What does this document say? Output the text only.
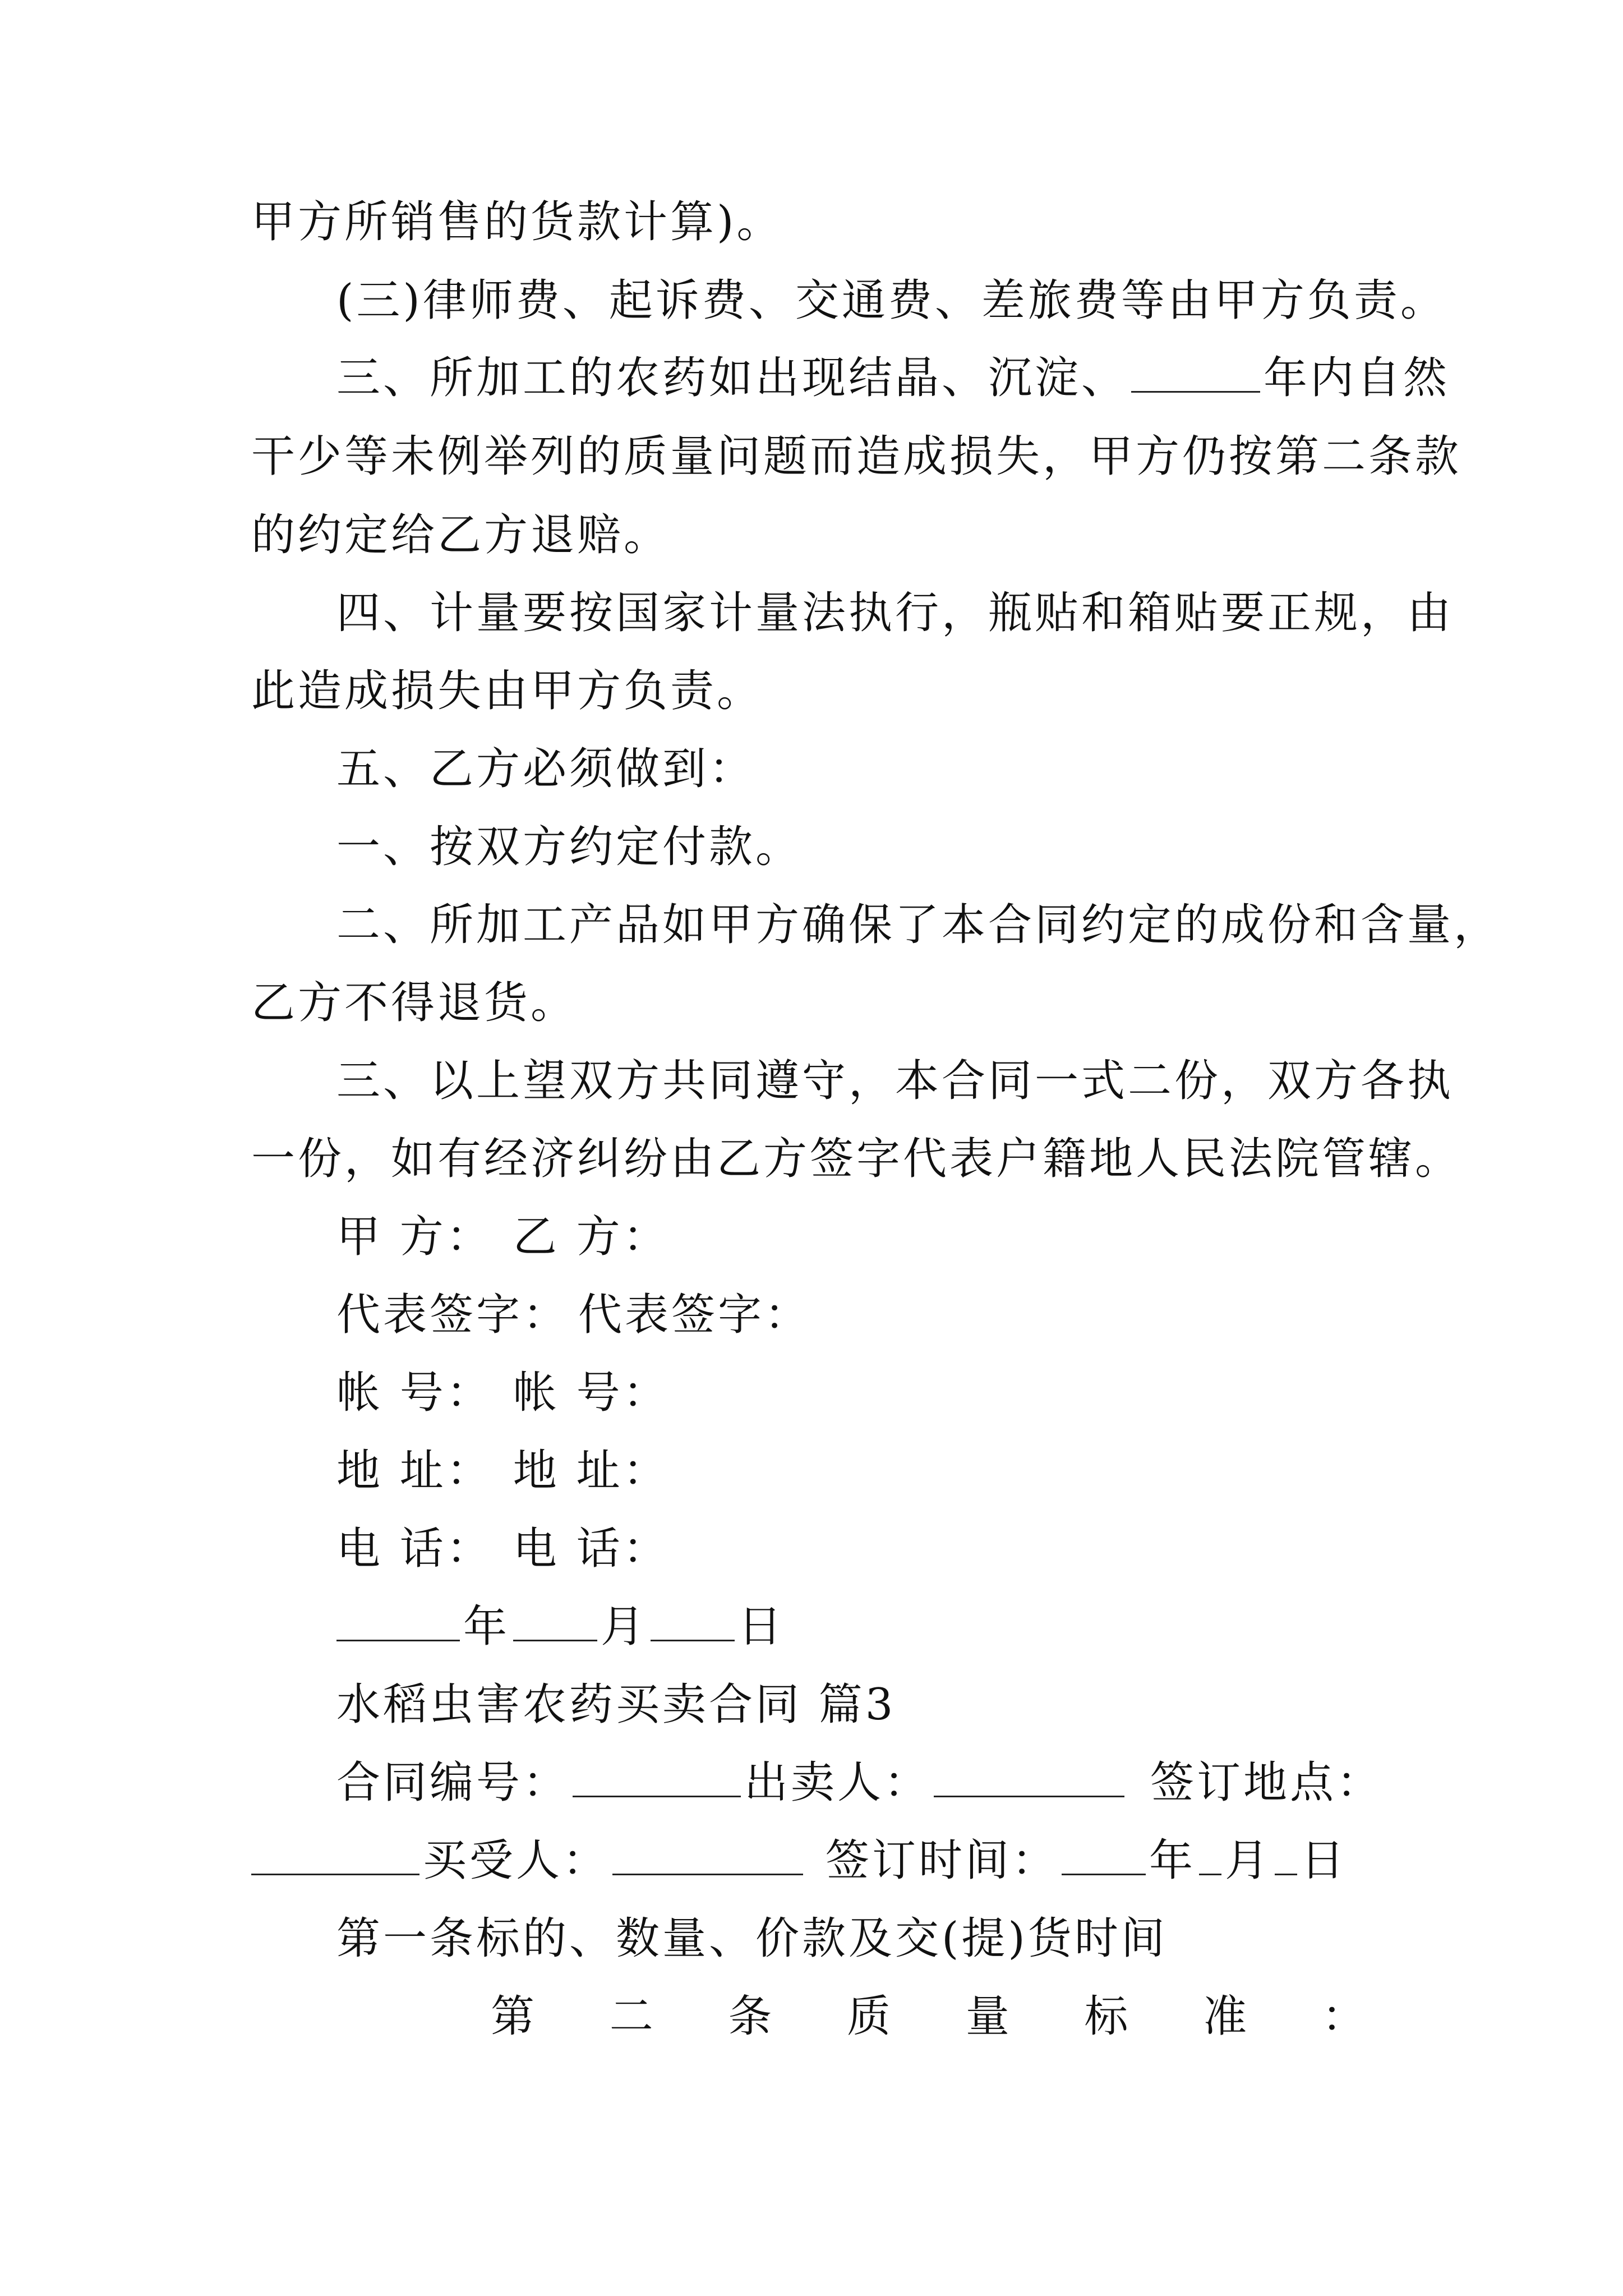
甲方所销售的货款计算)。
(三)律师费、起诉费、交通费、差旅费等由甲方负责。
三、所加工的农药如出现结晶、沉淀、	年内自然
干少等未例举列的质量问题而造成损失，甲方仍按第二条款
的约定给乙方退赔。
四、计量要按国家计量法执行，瓶贴和箱贴要正规，由
此造成损失由甲方负责。
五、乙方必须做到：
一、按双方约定付款。
二、所加工产品如甲方确保了本合同约定的成份和含量，
乙方不得退货。
三、以上望双方共同遵守，本合同一式二份，双方各执
一份，如有经济纠纷由乙方签字代表户籍地人民法院管辖。
甲 方： 乙 方：
代表签字： 代表签字：
帐 号： 帐 号：
地 址： 地 址：
电 话： 电 话：
年 月 日
水稻虫害农药买卖合同 篇3
合同编号：	出卖人：	签订地点：
买受人：	签订时间： 年 月 日
第一条标的、数量、价款及交(提)货时间
第 二 条 质 量 标 准 ：
